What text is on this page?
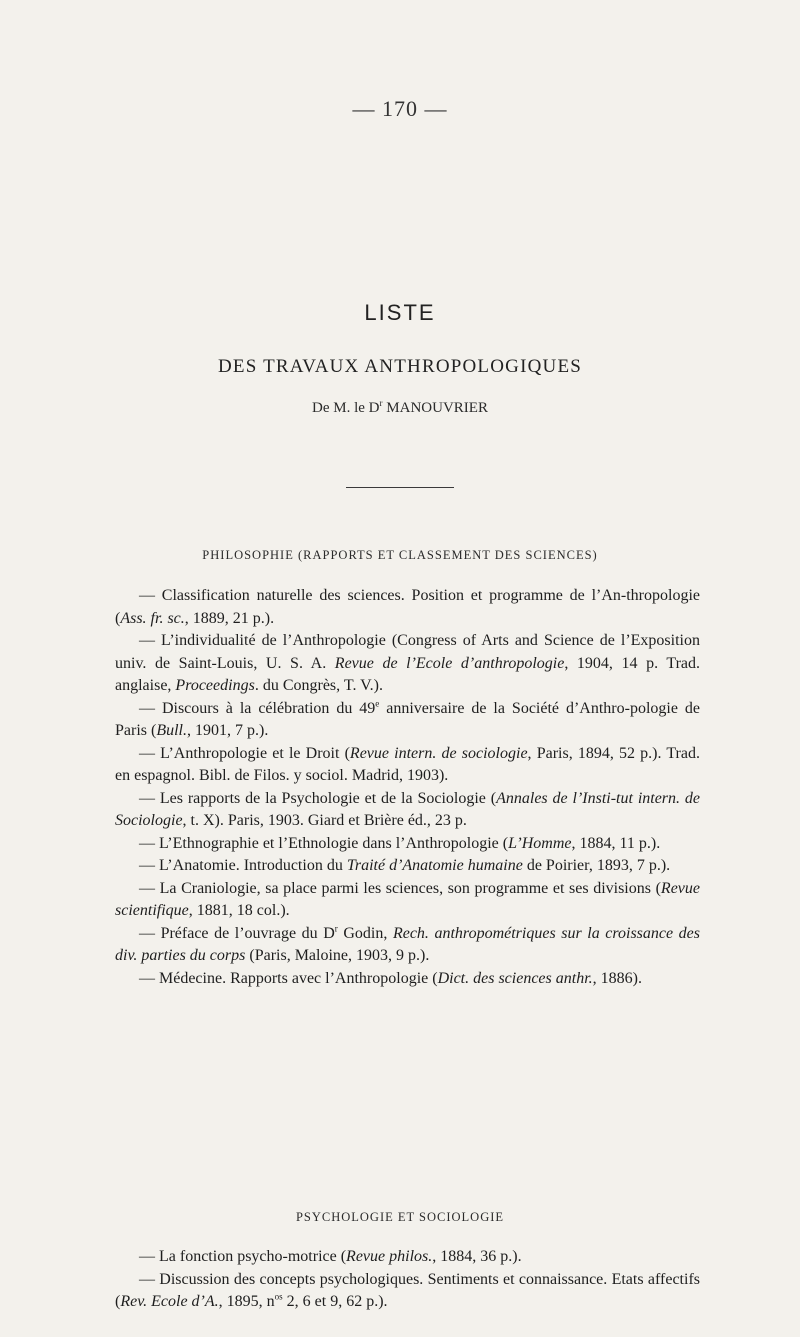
— 170 —
LISTE
DES TRAVAUX ANTHROPOLOGIQUES
De M. le $D^r$ MANOUVRIER
PHILOSOPHIE (RAPPORTS ET CLASSEMENT DES SCIENCES)

— Classification naturelle des sciences. Position et programme de l’An-thropologie (Ass. fr. sc., 1889, 21 p.).

— L’individualité de l’Anthropologie (Congress of Arts and Science de l’Exposition univ. de Saint-Louis, U. S. A. Revue de l’Ecole d’anthropologie, 1904, 14 p. Trad. anglaise, Proceedings. du Congrès, T. V.).

— Discours à la célébration du 49e anniversaire de la Société d’Anthro-pologie de Paris (Bull., 1901, 7 p.).

— L’Anthropologie et le Droit (Revue intern. de sociologie, Paris, 1894, 52 p.). Trad. en espagnol. Bibl. de Filos. y sociol. Madrid, 1903).

— Les rapports de la Psychologie et de la Sociologie (Annales de l’Insti-tut intern. de Sociologie, t. X). Paris, 1903. Giard et Brière éd., 23 p.

— L’Ethnographie et l’Ethnologie dans l’Anthropologie (L’Homme, 1884, 11 p.).

— L’Anatomie. Introduction du Traité d’Anatomie humaine de Poirier, 1893, 7 p.).

— La Craniologie, sa place parmi les sciences, son programme et ses divisions (Revue scientifique, 1881, 18 col.).

— Préface de l’ouvrage du $D^r$ Godin, Rech. anthropométriques sur la croissance des div. parties du corps (Paris, Maloine, 1903, 9 p.).

— Médecine. Rapports avec l’Anthropologie (Dict. des sciences anthr., 1886).

PSYCHOLOGIE ET SOCIOLOGIE

— La fonction psycho-motrice (Revue philos., 1884, 36 p.).

— Discussion des concepts psychologiques. Sentiments et connaissance. Etats affectifs (Rev. Ecole d’A., 1895, $n^{os}$ 2, 6 et 9, 62 p.).
